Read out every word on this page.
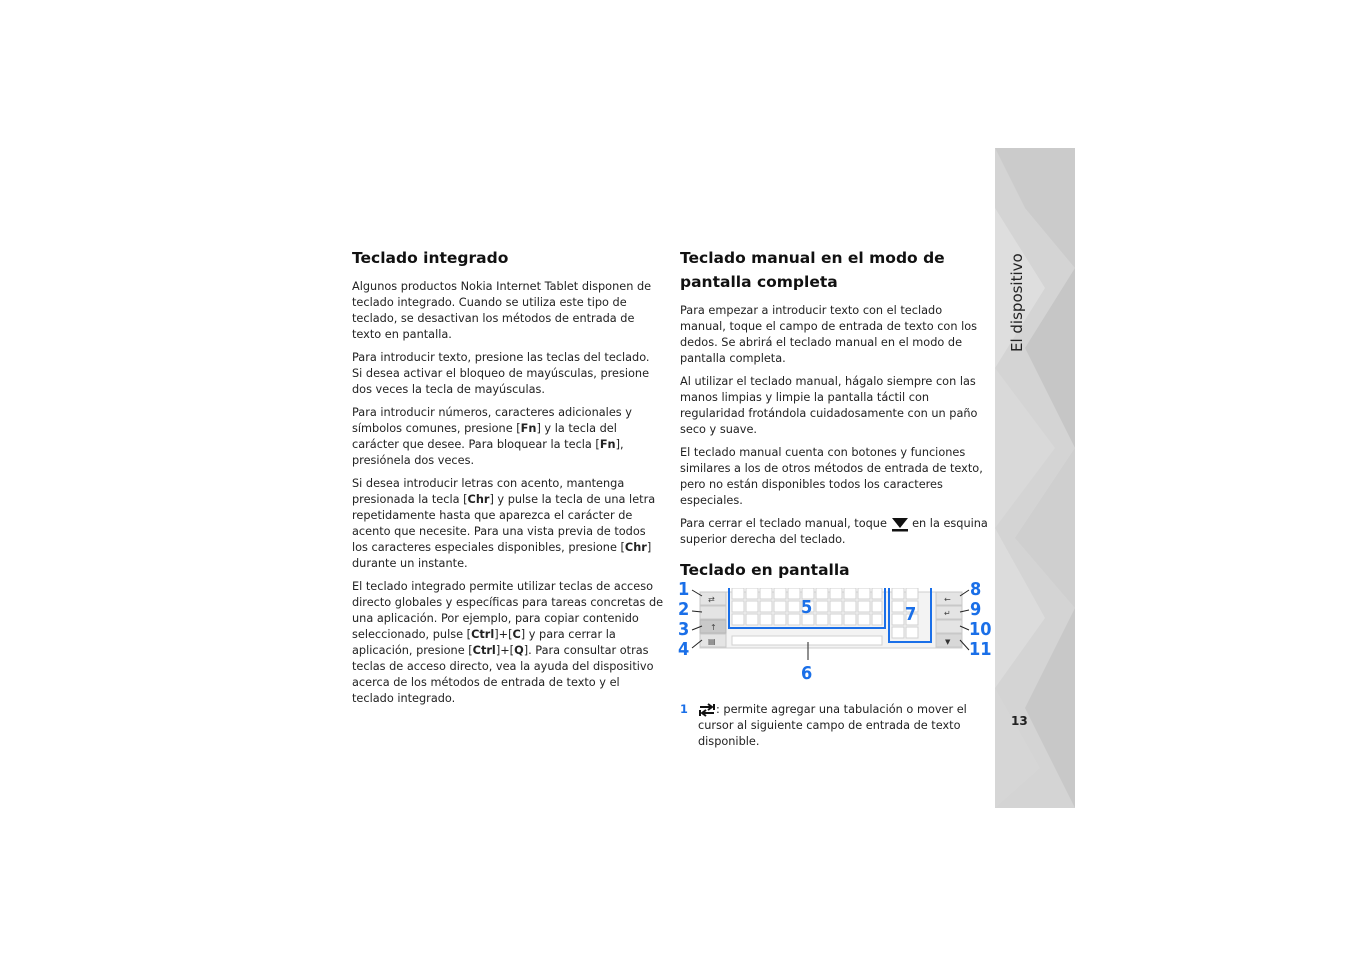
Teclado integrado

Algunos productos Nokia Internet Tablet disponen de teclado integrado. Cuando se utiliza este tipo de teclado, se desactivan los métodos de entrada de texto en pantalla.

Para introducir texto, presione las teclas del teclado.
Si desea activar el bloqueo de mayúsculas, presione dos veces la tecla de mayúsculas.

Para introducir números, caracteres adicionales y símbolos comunes, presione [Fn] y la tecla del carácter que desee. Para bloquear la tecla [Fn], presiónela dos veces.

Si desea introducir letras con acento, mantenga presionada la tecla [Chr] y pulse la tecla de una letra repetidamente hasta que aparezca el carácter de acento que necesite. Para una vista previa de todos los caracteres especiales disponibles, presione [Chr] durante un instante.

El teclado integrado permite utilizar teclas de acceso directo globales y específicas para tareas concretas de una aplicación. Por ejemplo, para copiar contenido seleccionado, pulse [Ctrl]+[C] y para cerrar la aplicación, presione [Ctrl]+[Q]. Para consultar otras teclas de acceso directo, vea la ayuda del dispositivo acerca de los métodos de entrada de texto y el teclado integrado.

Teclado manual en el modo de pantalla completa

Para empezar a introducir texto con el teclado manual, toque el campo de entrada de texto con los dedos. Se abrirá el teclado manual en el modo de pantalla completa.

Al utilizar el teclado manual, hágalo siempre con las manos limpias y limpie la pantalla táctil con regularidad frotándola cuidadosamente con un paño seco y suave.

El teclado manual cuenta con botones y funciones similares a los de otros métodos de entrada de texto, pero no están disponibles todos los caracteres especiales.

Para cerrar el teclado manual, toque  en la esquina superior derecha del teclado.

Teclado en pantalla
⇄
↑
▤
←
↵
▼
1
2
3
4
5
6
7
8
9
10
11
1	: permite agregar una tabulación o mover el cursor al siguiente campo de entrada de texto disponible.
13
